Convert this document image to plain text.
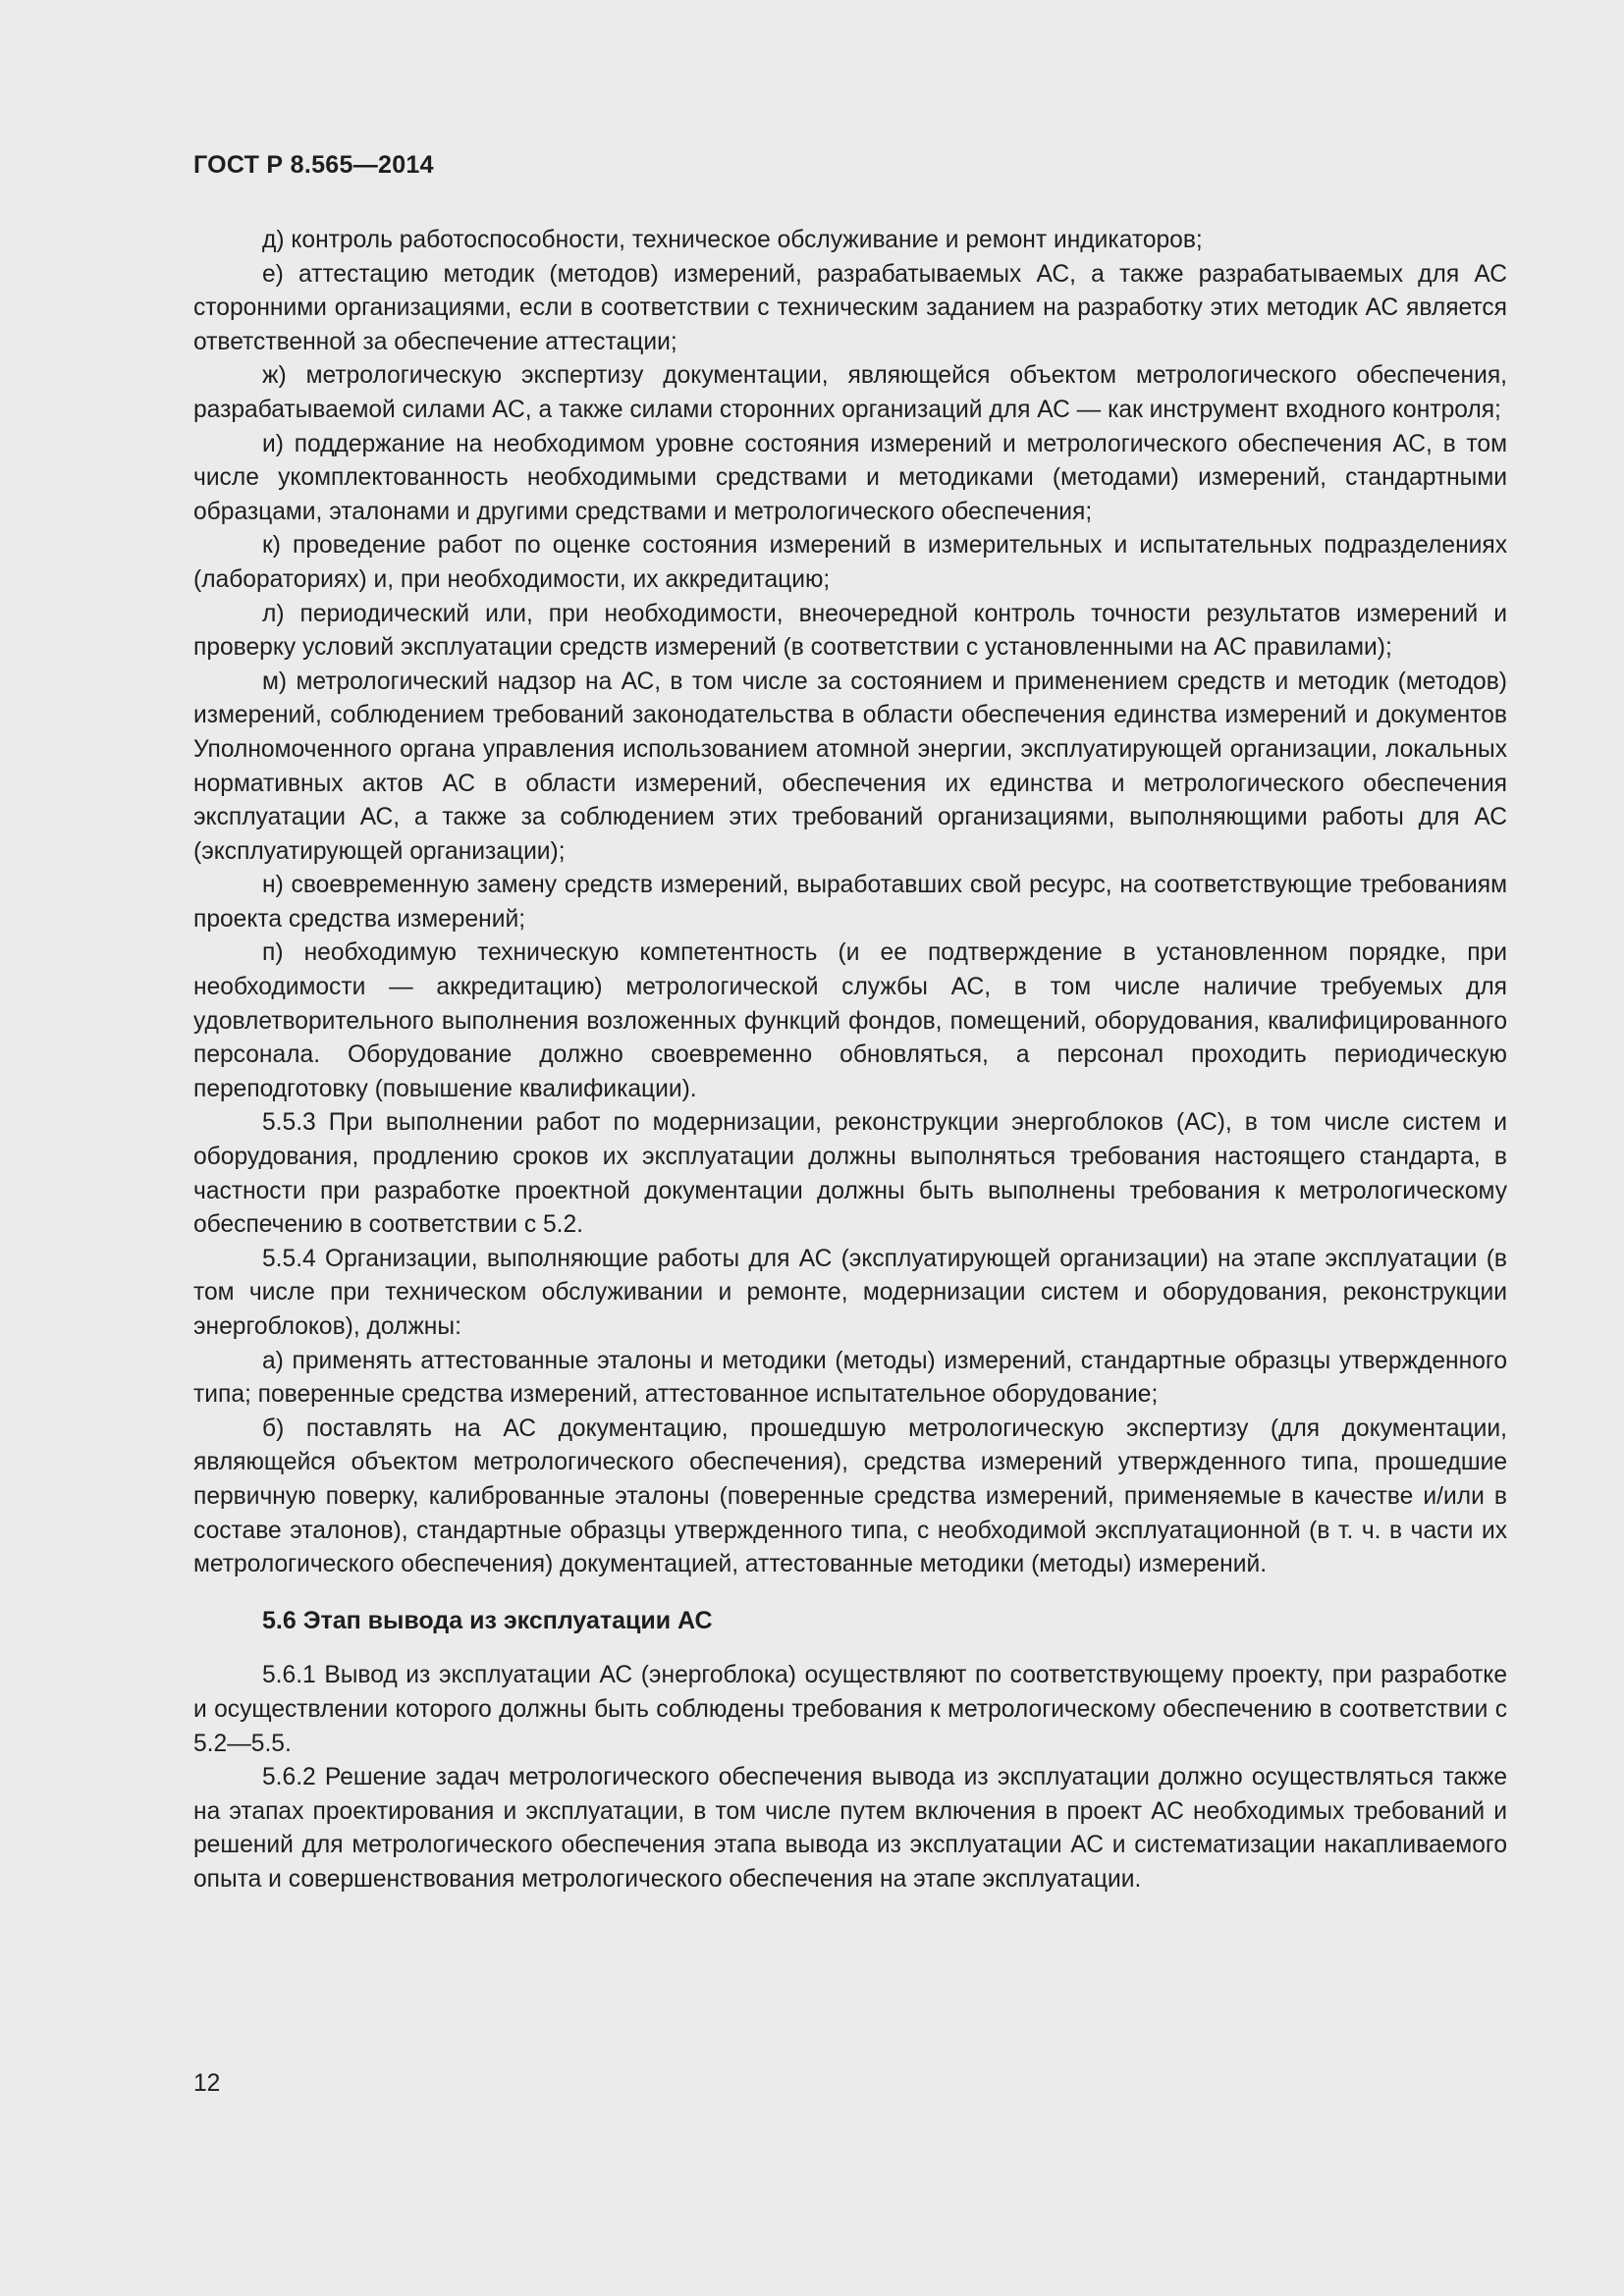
ГОСТ Р 8.565—2014

д) контроль работоспособности, техническое обслуживание и ремонт индикаторов;

е) аттестацию методик (методов) измерений, разрабатываемых АС, а также разрабатываемых для АС сторонними организациями, если в соответствии с техническим заданием на разработку этих методик АС является ответственной за обеспечение аттестации;

ж) метрологическую экспертизу документации, являющейся объектом метрологического обеспечения, разрабатываемой силами АС, а также силами сторонних организаций для АС — как инструмент входного контроля;

и) поддержание на необходимом уровне состояния измерений и метрологического обеспечения АС, в том числе укомплектованность необходимыми средствами и методиками (методами) измерений, стандартными образцами, эталонами и другими средствами и метрологического обеспечения;

к) проведение работ по оценке состояния измерений в измерительных и испытательных подразделениях (лабораториях) и, при необходимости, их аккредитацию;

л) периодический или, при необходимости, внеочередной контроль точности результатов измерений и проверку условий эксплуатации средств измерений (в соответствии с установленными на АС правилами);

м) метрологический надзор на АС, в том числе за состоянием и применением средств и методик (методов) измерений, соблюдением требований законодательства в области обеспечения единства измерений и документов Уполномоченного органа управления использованием атомной энергии, эксплуатирующей организации, локальных нормативных актов АС в области измерений, обеспечения их единства и метрологического обеспечения эксплуатации АС, а также за соблюдением этих требований организациями, выполняющими работы для АС (эксплуатирующей организации);

н) своевременную замену средств измерений, выработавших свой ресурс, на соответствующие требованиям проекта средства измерений;

п) необходимую техническую компетентность (и ее подтверждение в установленном порядке, при необходимости — аккредитацию) метрологической службы АС, в том числе наличие требуемых для удовлетворительного выполнения возложенных функций фондов, помещений, оборудования, квалифицированного персонала. Оборудование должно своевременно обновляться, а персонал проходить периодическую переподготовку (повышение квалификации).

5.5.3 При выполнении работ по модернизации, реконструкции энергоблоков (АС), в том числе систем и оборудования, продлению сроков их эксплуатации должны выполняться требования настоящего стандарта, в частности при разработке проектной документации должны быть выполнены требования к метрологическому обеспечению в соответствии с 5.2.

5.5.4 Организации, выполняющие работы для АС (эксплуатирующей организации) на этапе эксплуатации (в том числе при техническом обслуживании и ремонте, модернизации систем и оборудования, реконструкции энергоблоков), должны:

а) применять аттестованные эталоны и методики (методы) измерений, стандартные образцы утвержденного типа; поверенные средства измерений, аттестованное испытательное оборудование;

б) поставлять на АС документацию, прошедшую метрологическую экспертизу (для документации, являющейся объектом метрологического обеспечения), средства измерений утвержденного типа, прошедшие первичную поверку, калиброванные эталоны (поверенные средства измерений, применяемые в качестве и/или в составе эталонов), стандартные образцы утвержденного типа, с необходимой эксплуатационной (в т. ч. в части их метрологического обеспечения) документацией, аттестованные методики (методы) измерений.

5.6 Этап вывода из эксплуатации АС

5.6.1 Вывод из эксплуатации АС (энергоблока) осуществляют по соответствующему проекту, при разработке и осуществлении которого должны быть соблюдены требования к метрологическому обеспечению в соответствии с 5.2—5.5.

5.6.2 Решение задач метрологического обеспечения вывода из эксплуатации должно осуществляться также на этапах проектирования и эксплуатации, в том числе путем включения в проект АС необходимых требований и решений для метрологического обеспечения этапа вывода из эксплуатации АС и систематизации накапливаемого опыта и совершенствования метрологического обеспечения на этапе эксплуатации.

12
